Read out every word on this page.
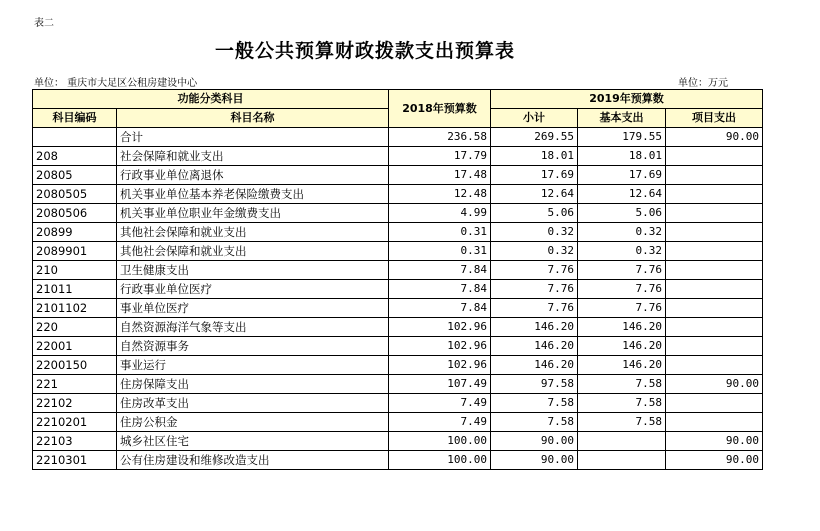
表二
一般公共预算财政拨款支出预算表
单位： 重庆市大足区公租房建设中心	单位：万元
功能分类科目		2018年预算数	2019年预算数		
科目编码	科目名称		小计	基本支出	项目支出
	合计	236.58	269.55	179.55	90.00
208	社会保障和就业支出	17.79	18.01	18.01	
20805	行政事业单位离退休	17.48	17.69	17.69	
2080505	机关事业单位基本养老保险缴费支出	12.48	12.64	12.64	
2080506	机关事业单位职业年金缴费支出	4.99	5.06	5.06	
20899	其他社会保障和就业支出	0.31	0.32	0.32	
2089901	其他社会保障和就业支出	0.31	0.32	0.32	
210	卫生健康支出	7.84	7.76	7.76	
21011	行政事业单位医疗	7.84	7.76	7.76	
2101102	事业单位医疗	7.84	7.76	7.76	
220	自然资源海洋气象等支出	102.96	146.20	146.20	
22001	自然资源事务	102.96	146.20	146.20	
2200150	事业运行	102.96	146.20	146.20	
221	住房保障支出	107.49	97.58	7.58	90.00
22102	住房改革支出	7.49	7.58	7.58	
2210201	住房公积金	7.49	7.58	7.58	
22103	城乡社区住宅	100.00	90.00		90.00
2210301	公有住房建设和维修改造支出	100.00	90.00		90.00
